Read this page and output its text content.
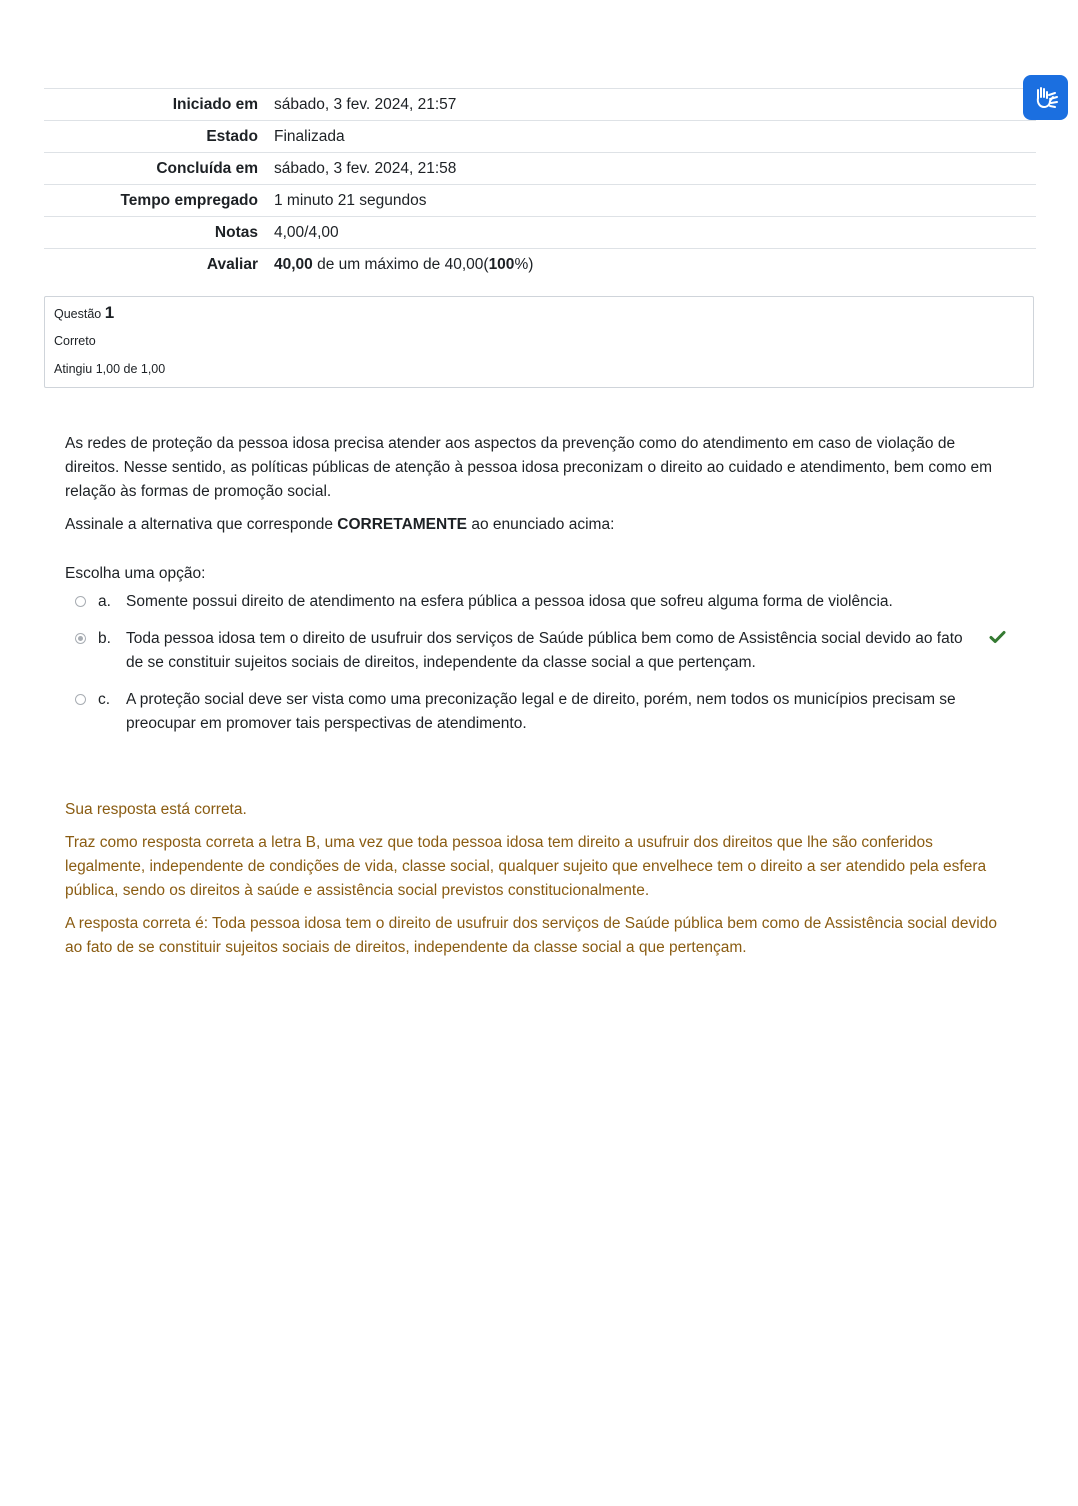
Iniciado em	sábado, 3 fev. 2024, 21:57
Estado	Finalizada
Concluída em	sábado, 3 fev. 2024, 21:58
Tempo empregado	1 minuto 21 segundos
Notas	4,00/4,00
Avaliar	40,00 de um máximo de 40,00(100%)
Questão 1
Correto
Atingiu 1,00 de 1,00

As redes de proteção da pessoa idosa precisa atender aos aspectos da prevenção como do atendimento em caso de violação de direitos. Nesse sentido, as políticas públicas de atenção à pessoa idosa preconizam o direito ao cuidado e atendimento, bem como em relação às formas de promoção social.

Assinale a alternativa que corresponde CORRETAMENTE ao enunciado acima:

Escolha uma opção:
a. Somente possui direito de atendimento na esfera pública a pessoa idosa que sofreu alguma forma de violência.
b. Toda pessoa idosa tem o direito de usufruir dos serviços de Saúde pública bem como de Assistência social devido ao fato de se constituir sujeitos sociais de direitos, independente da classe social a que pertençam.
c. A proteção social deve ser vista como uma preconização legal e de direito, porém, nem todos os municípios precisam se preocupar em promover tais perspectivas de atendimento.

Sua resposta está correta.

Traz como resposta correta a letra B, uma vez que toda pessoa idosa tem direito a usufruir dos direitos que lhe são conferidos legalmente, independente de condições de vida, classe social, qualquer sujeito que envelhece tem o direito a ser atendido pela esfera pública, sendo os direitos à saúde e assistência social previstos constitucionalmente.

A resposta correta é: Toda pessoa idosa tem o direito de usufruir dos serviços de Saúde pública bem como de Assistência social devido ao fato de se constituir sujeitos sociais de direitos, independente da classe social a que pertençam.
